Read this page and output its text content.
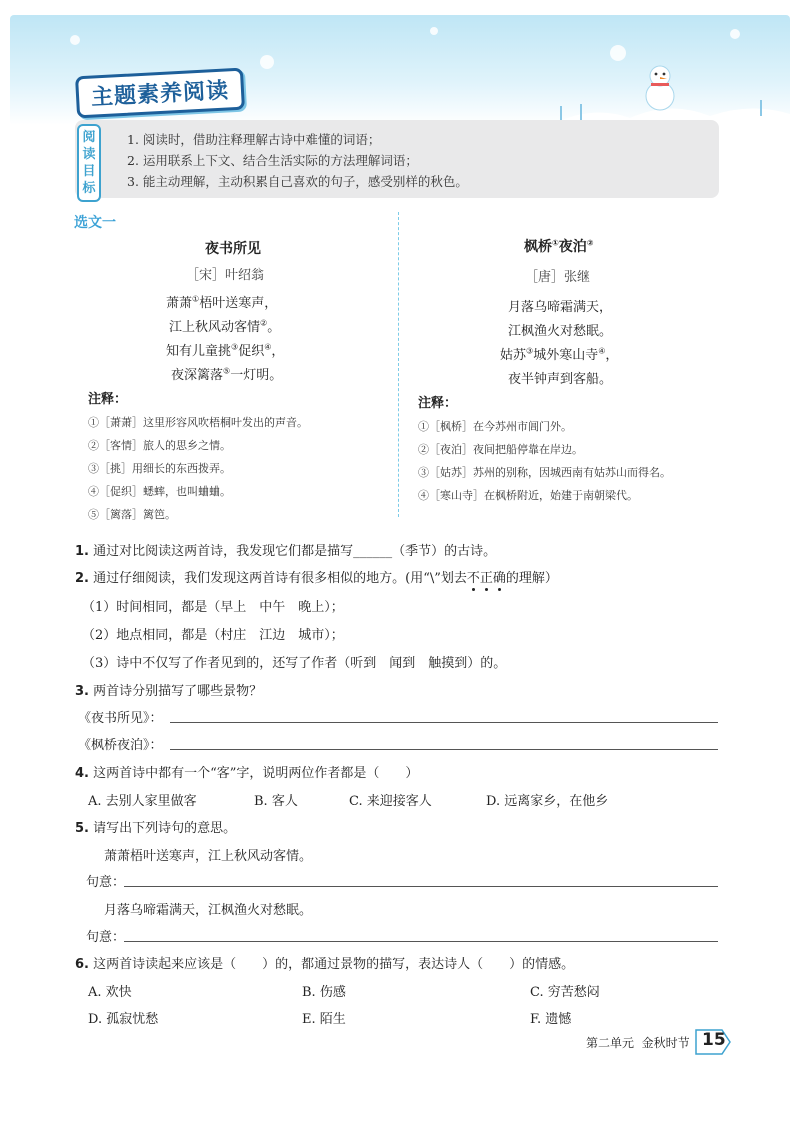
主题素养阅读
阅
读
目
标
1. 阅读时，借助注释理解古诗中难懂的词语；
2. 运用联系上下文、结合生活实际的方法理解词语；
3. 能主动理解，主动积累自己喜欢的句子，感受别样的秋色。
选文一
夜书所见
［宋］叶绍翁
萧萧①梧叶送寒声，
江上秋风动客情②。
知有儿童挑③促织④，
夜深篱落⑤一灯明。
注释：
①［萧萧］这里形容风吹梧桐叶发出的声音。
②［客情］旅人的思乡之情。
③［挑］用细长的东西拨弄。
④［促织］蟋蟀，也叫蛐蛐。
⑤［篱落］篱笆。
枫桥①夜泊②
［唐］张继
月落乌啼霜满天，
江枫渔火对愁眠。
姑苏③城外寒山寺④，
夜半钟声到客船。
注释：
①［枫桥］在今苏州市阊门外。
②［夜泊］夜间把船停靠在岸边。
③［姑苏］苏州的别称，因城西南有姑苏山而得名。
④［寒山寺］在枫桥附近，始建于南朝梁代。
1. 通过对比阅读这两首诗，我发现它们都是描写______（季节）的古诗。
2. 通过仔细阅读，我们发现这两首诗有很多相似的地方。(用“\”划去不正确的理解）
（1）时间相同，都是（早上　中午　晚上）；
（2）地点相同，都是（村庄　江边　城市）；
（3）诗中不仅写了作者见到的，还写了作者（听到　闻到　触摸到）的。
3. 两首诗分别描写了哪些景物？
《夜书所见》：
《枫桥夜泊》：
4. 这两首诗中都有一个“客”字，说明两位作者都是（　　）
A. 去别人家里做客	B. 客人	C. 来迎接客人	D. 远离家乡，在他乡
5. 请写出下列诗句的意思。
萧萧梧叶送寒声，江上秋风动客情。
句意：
月落乌啼霜满天，江枫渔火对愁眠。
句意：
6. 这两首诗读起来应该是（　　）的，都通过景物的描写，表达诗人（　　）的情感。
A. 欢快	B. 伤感	C. 穷苦愁闷
D. 孤寂忧愁	E. 陌生	F. 遗憾
第二单元 金秋时节 15
